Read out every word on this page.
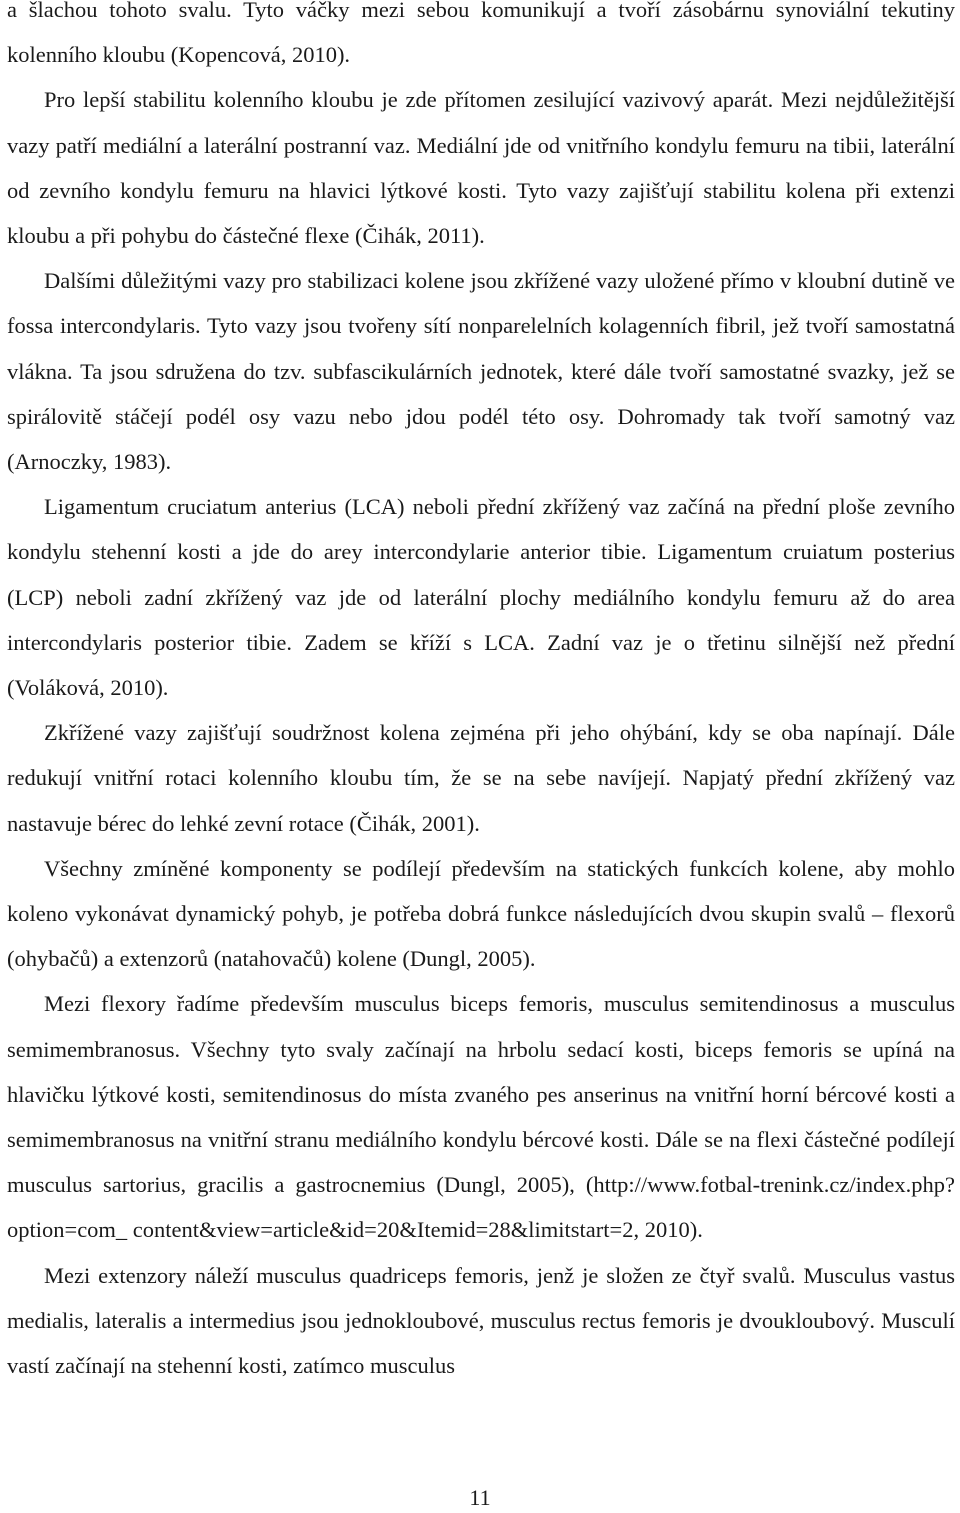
a šlachou tohoto svalu. Tyto váčky mezi sebou komunikují a tvoří zásobárnu synoviální tekutiny kolenního kloubu (Kopencová, 2010).

Pro lepší stabilitu kolenního kloubu je zde přítomen zesilující vazivový aparát. Mezi nejdůležitější vazy patří mediální a laterální postranní vaz. Mediální jde od vnitřního kondylu femuru na tibii, laterální od zevního kondylu femuru na hlavici lýtkové kosti. Tyto vazy zajišťují stabilitu kolena při extenzi kloubu a při pohybu do částečné flexe (Čihák, 2011).

Dalšími důležitými vazy pro stabilizaci kolene jsou zkřížené vazy uložené přímo v kloubní dutině ve fossa intercondylaris. Tyto vazy jsou tvořeny sítí nonparelelních kolagenních fibril, jež tvoří samostatná vlákna. Ta jsou sdružena do tzv. subfascikulárních jednotek, které dále tvoří samostatné svazky, jež se spirálovitě stáčejí podél osy vazu nebo jdou podél této osy. Dohromady tak tvoří samotný vaz (Arnoczky, 1983).

Ligamentum cruciatum anterius (LCA) neboli přední zkřížený vaz začíná na přední ploše zevního kondylu stehenní kosti a jde do arey intercondylarie anterior tibie. Ligamentum cruiatum posterius (LCP) neboli zadní zkřížený vaz jde od laterální plochy mediálního kondylu femuru až do area intercondylaris posterior tibie. Zadem se kříží s LCA. Zadní vaz je o třetinu silnější než přední (Voláková, 2010).

Zkřížené vazy zajišťují soudržnost kolena zejména při jeho ohýbání, kdy se oba napínají. Dále redukují vnitřní rotaci kolenního kloubu tím, že se na sebe navíjejí. Napjatý přední zkřížený vaz nastavuje bérec do lehké zevní rotace (Čihák, 2001).

Všechny zmíněné komponenty se podílejí především na statických funkcích kolene, aby mohlo koleno vykonávat dynamický pohyb, je potřeba dobrá funkce následujících dvou skupin svalů – flexorů (ohybačů) a extenzorů (natahovačů) kolene (Dungl, 2005).

Mezi flexory řadíme především musculus biceps femoris, musculus semitendinosus a musculus semimembranosus. Všechny tyto svaly začínají na hrbolu sedací kosti, biceps femoris se upíná na hlavičku lýtkové kosti, semitendinosus do místa zvaného pes anserinus na vnitřní horní bércové kosti a semimembranosus na vnitřní stranu mediálního kondylu bércové kosti. Dále se na flexi částečné podílejí musculus sartorius, gracilis a gastrocnemius (Dungl, 2005), (http://www.fotbal-trenink.cz/index.php?option=com_ content&view=article&id=20&Itemid=28&limitstart=2, 2010).

Mezi extenzory náleží musculus quadriceps femoris, jenž je složen ze čtyř svalů. Musculus vastus medialis, lateralis a intermedius jsou jednokloubové, musculus rectus femoris je dvoukloubový. Musculí vastí začínají na stehenní kosti, zatímco musculus

11
